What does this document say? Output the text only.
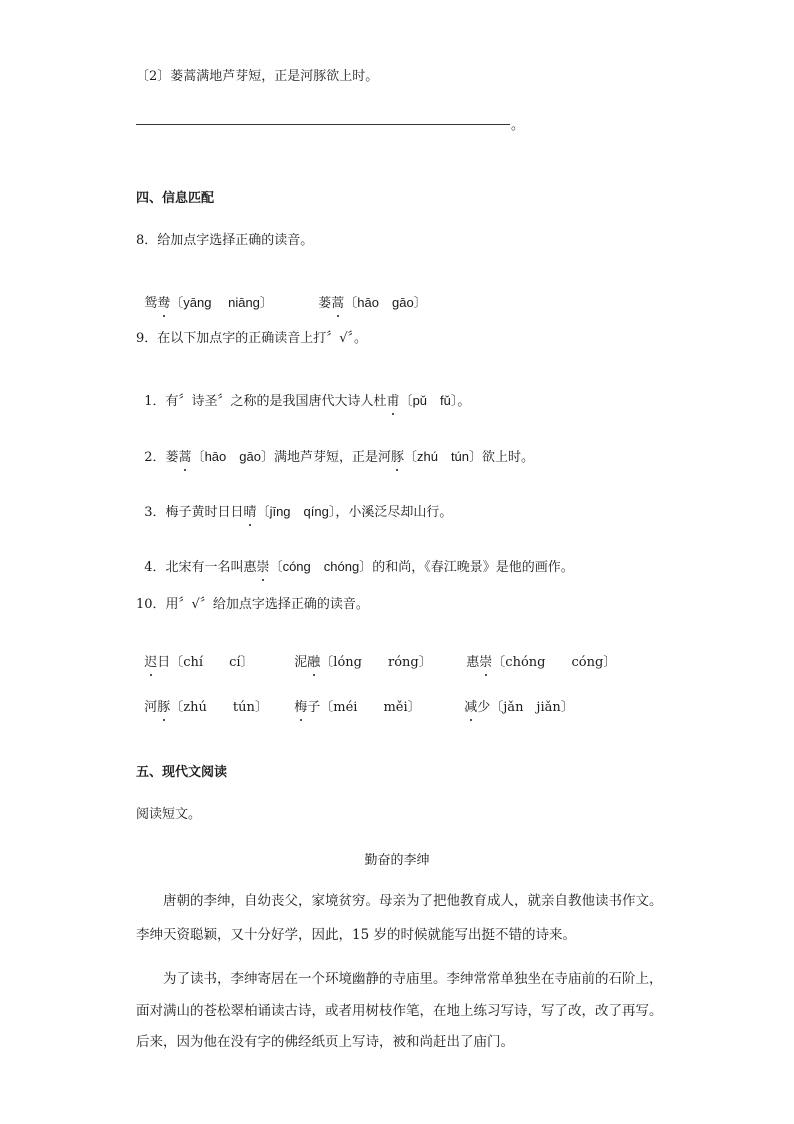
〔2〕蒌蒿满地芦芽短，正是河豚欲上时。
。
四、信息匹配
8．给加点字选择正确的读音。

鸳鸯〔yāng　 niāng〕	蒌蒿〔hāo　gāo〕

9．在以下加点字的正确读音上打〞√〞。

1．有〞诗圣〞之称的是我国唐代大诗人杜甫〔pǔ　fǔ〕。

2．蒌蒿〔hāo　gāo〕满地芦芽短，正是河豚〔zhú　tún〕欲上时。

3．梅子黄时日日晴〔jīng　qíng〕，小溪泛尽却山行。

4．北宋有一名叫惠崇〔cóng　chóng〕的和尚，《春江晚景》是他的画作。

10．用〞√〞给加点字选择正确的读音。

迟日〔chí　　cí〕	泥融〔lóng　　róng〕	惠崇〔chóng　　cóng〕

河豚〔zhú　　tún〕	梅子〔méi　　měi〕	减少〔jǎn　jiǎn〕

五、现代文阅读
阅读短文。
勤奋的李绅
　　唐朝的李绅，自幼丧父，家境贫穷。母亲为了把他教育成人，就亲自教他读书作文。
李绅天资聪颖，又十分好学，因此，15 岁的时候就能写出挺不错的诗来。
　　为了读书，李绅寄居在一个环境幽静的寺庙里。李绅常常单独坐在寺庙前的石阶上，
面对满山的苍松翠柏诵读古诗，或者用树枝作笔，在地上练习写诗，写了改，改了再写。
后来，因为他在没有字的佛经纸页上写诗，被和尚赶出了庙门。
